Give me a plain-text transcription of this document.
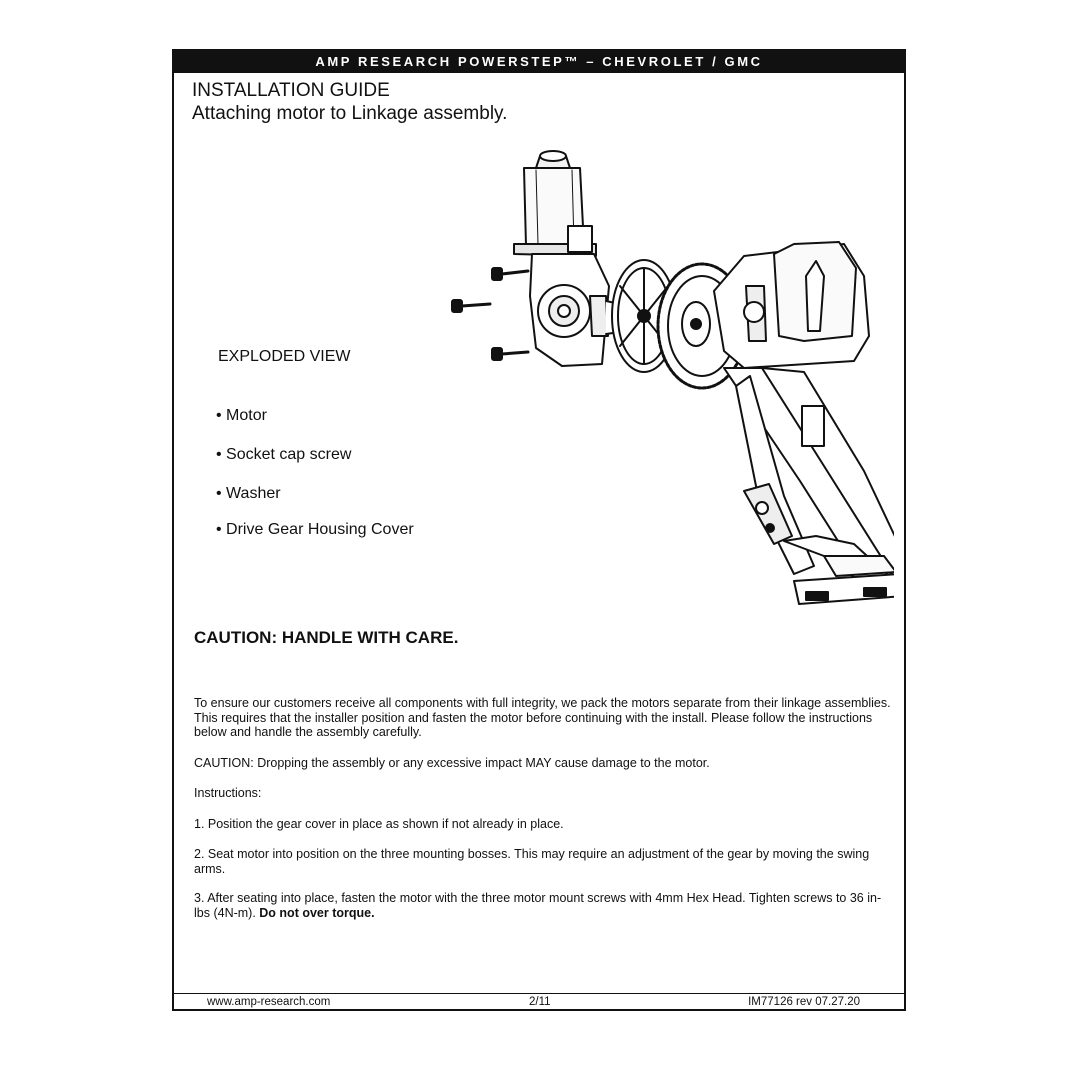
AMP RESEARCH POWERSTEP™ – CHEVROLET / GMC
INSTALLATION GUIDE
Attaching motor to Linkage assembly.
EXPLODED VIEW
• Motor
• Socket cap screw
• Washer
• Drive Gear Housing Cover
CAUTION: HANDLE WITH CARE.
To ensure our customers receive all components with full integrity, we pack the motors separate from their linkage assemblies. This requires that the installer position and fasten the motor before continuing with the install. Please follow the instructions below and handle the assembly carefully.
CAUTION: Dropping the assembly or any excessive impact MAY cause damage to the motor.
Instructions:
1. Position the gear cover in place as shown if not already in place.
2. Seat motor into position on the three mounting bosses. This may require an adjustment of the gear by moving the swing arms.
3. After seating into place, fasten the motor with the three motor mount screws with 4mm Hex Head. Tighten screws to 36 in-lbs (4N-m). Do not over torque.
www.amp-research.com	2/11	IM77126 rev 07.27.20
